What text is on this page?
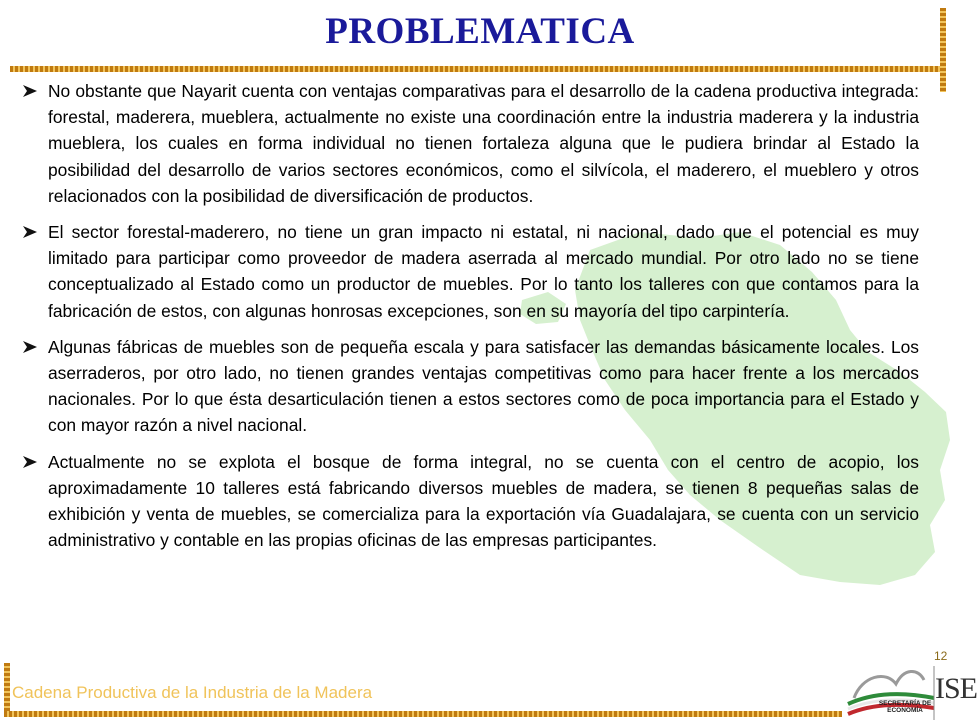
PROBLEMATICA
No obstante que Nayarit cuenta con ventajas comparativas para el desarrollo de la cadena productiva integrada: forestal, maderera, mueblera, actualmente no existe una coordinación entre la industria maderera y la industria mueblera, los cuales en forma individual no tienen fortaleza alguna que le pudiera brindar al Estado la posibilidad del desarrollo de varios sectores económicos, como el silvícola, el maderero, el mueblero y otros relacionados con la posibilidad de diversificación de productos.
El sector forestal-maderero, no tiene un gran impacto ni estatal, ni nacional, dado que el potencial es muy limitado para participar como proveedor de madera aserrada al mercado mundial. Por otro lado no se tiene conceptualizado al Estado como un productor de muebles. Por lo tanto los talleres con que contamos para la fabricación de estos, con algunas honrosas excepciones, son en su mayoría del tipo carpintería.
Algunas fábricas de muebles son de pequeña escala y para satisfacer las demandas básicamente locales. Los aserraderos, por otro lado, no tienen grandes ventajas competitivas como para hacer frente a los mercados nacionales. Por lo que ésta desarticulación tienen a estos sectores como de poca importancia para el Estado y con mayor razón a nivel nacional.
Actualmente no se explota el bosque de forma integral, no se cuenta con el centro de acopio, los aproximadamente 10 talleres está fabricando diversos muebles de madera, se tienen 8 pequeñas salas de exhibición y venta de muebles, se comercializa para la exportación vía Guadalajara, se cuenta con un servicio administrativo y contable en las propias oficinas de las empresas participantes.
12
Cadena Productiva de la Industria de la Madera
SECRETARÍA DE
ECONOMÍA
ISE
